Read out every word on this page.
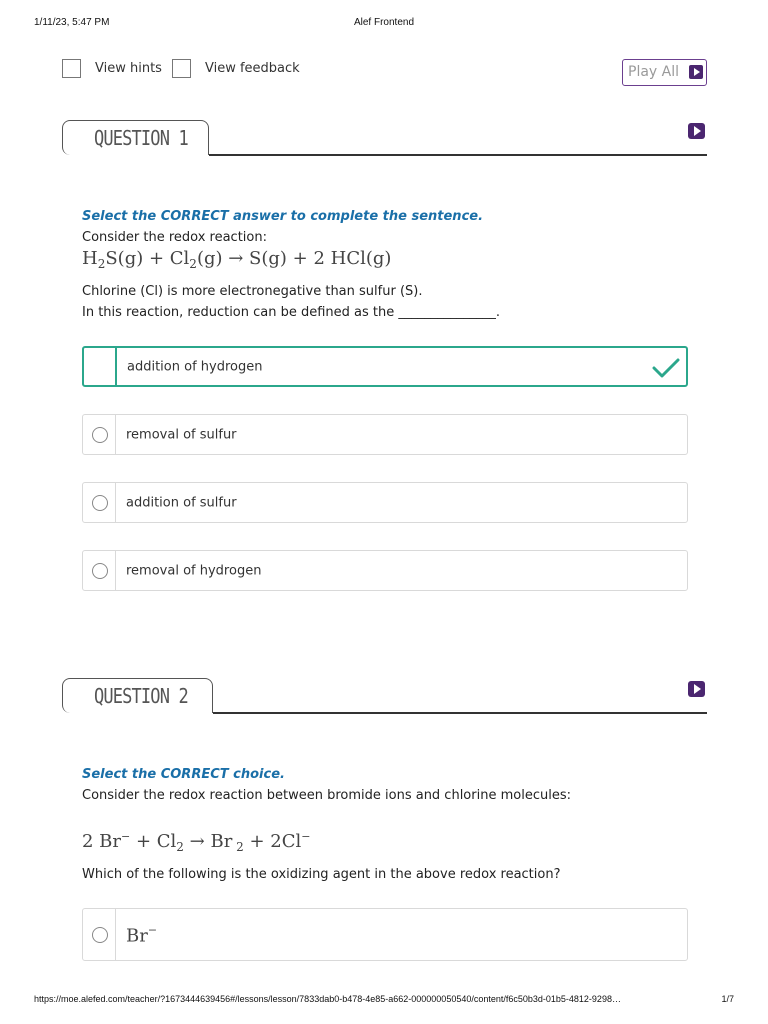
1/11/23, 5:47 PM	Alef Frontend
View hints	View feedback	Play All
QUESTION 1
Select the CORRECT answer to complete the sentence.
Consider the redox reaction:
$H_2S(g) + Cl_2(g) \to S(g) + 2$ HCl(g)
Chlorine (Cl) is more electronegative than sulfur (S).
In this reaction, reduction can be defined as the _______________.
addition of hydrogen
removal of sulfur
addition of sulfur
removal of hydrogen
QUESTION 2
Select the CORRECT choice.
Consider the redox reaction between bromide ions and chlorine molecules:
2 $Br^- + Cl_2 \to Br$ $_2$ + 2Cl−
Which of the following is the oxidizing agent in the above redox reaction?
Br−
https://moe.alefed.com/teacher/?1673444639456#/lessons/lesson/7833dab0-b478-4e85-a662-000000050540/content/f6c50b3d-01b5-4812-9298…	1/7
